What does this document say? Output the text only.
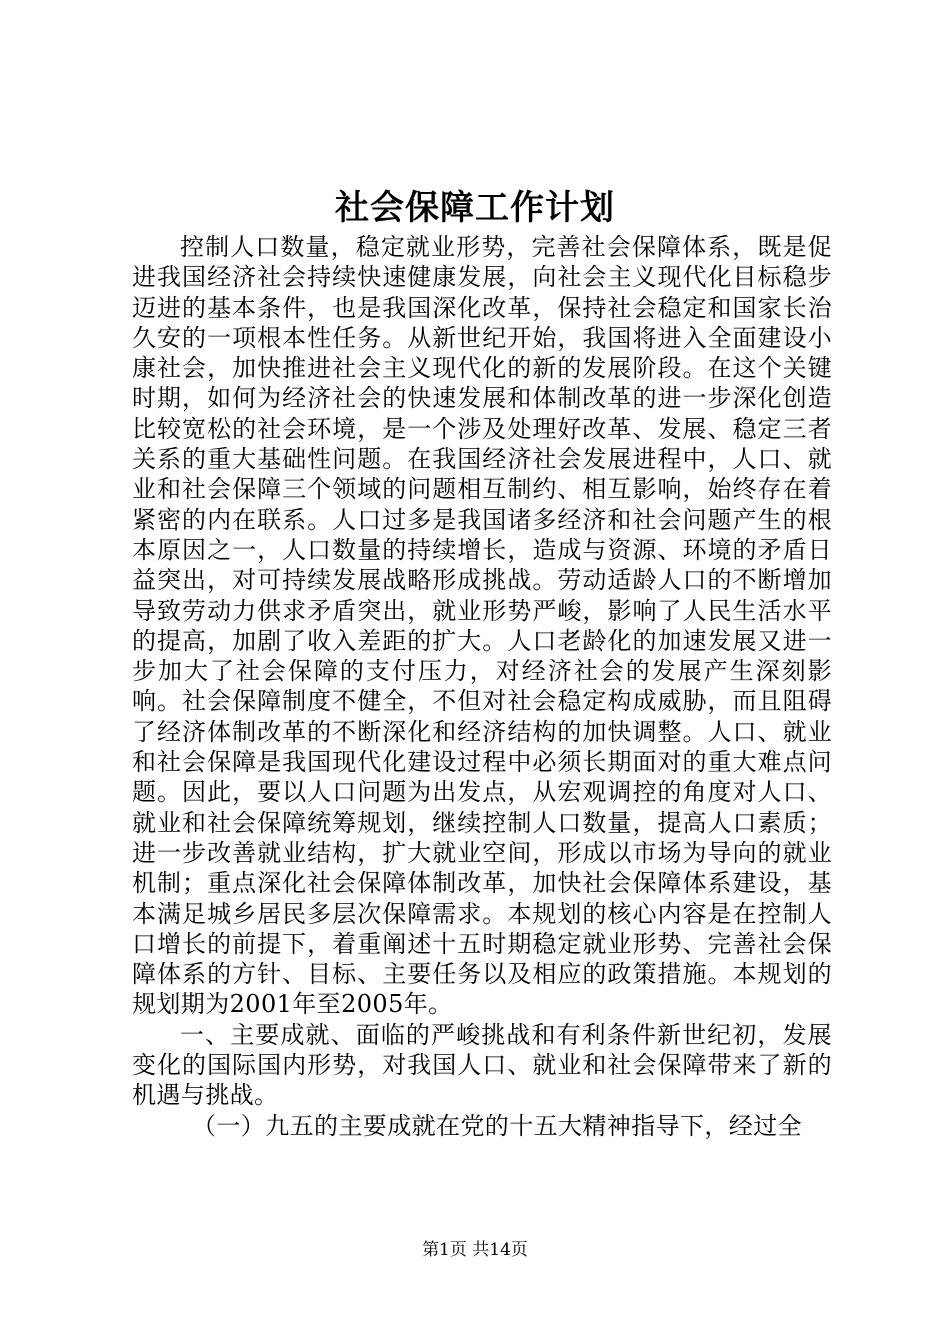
社会保障工作计划

控制人口数量，稳定就业形势，完善社会保障体系，既是促进我国经济社会持续快速健康发展，向社会主义现代化目标稳步迈进的基本条件，也是我国深化改革，保持社会稳定和国家长治久安的一项根本性任务。从新世纪开始，我国将进入全面建设小康社会，加快推进社会主义现代化的新的发展阶段。在这个关键时期，如何为经济社会的快速发展和体制改革的进一步深化创造比较宽松的社会环境，是一个涉及处理好改革、发展、稳定三者关系的重大基础性问题。在我国经济社会发展进程中，人口、就业和社会保障三个领域的问题相互制约、相互影响，始终存在着紧密的内在联系。人口过多是我国诸多经济和社会问题产生的根本原因之一，人口数量的持续增长，造成与资源、环境的矛盾日益突出，对可持续发展战略形成挑战。劳动适龄人口的不断增加导致劳动力供求矛盾突出，就业形势严峻，影响了人民生活水平的提高，加剧了收入差距的扩大。人口老龄化的加速发展又进一步加大了社会保障的支付压力，对经济社会的发展产生深刻影响。社会保障制度不健全，不但对社会稳定构成威胁，而且阻碍了经济体制改革的不断深化和经济结构的加快调整。人口、就业和社会保障是我国现代化建设过程中必须长期面对的重大难点问题。因此，要以人口问题为出发点，从宏观调控的角度对人口、就业和社会保障统筹规划，继续控制人口数量，提高人口素质；进一步改善就业结构，扩大就业空间，形成以市场为导向的就业机制；重点深化社会保障体制改革，加快社会保障体系建设，基本满足城乡居民多层次保障需求。本规划的核心内容是在控制人口增长的前提下，着重阐述十五时期稳定就业形势、完善社会保障体系的方针、目标、主要任务以及相应的政策措施。本规划的规划期为2001年至2005年。

一、主要成就、面临的严峻挑战和有利条件新世纪初，发展变化的国际国内形势，对我国人口、就业和社会保障带来了新的机遇与挑战。

（一）九五的主要成就在党的十五大精神指导下，经过全

第1页 共14页
